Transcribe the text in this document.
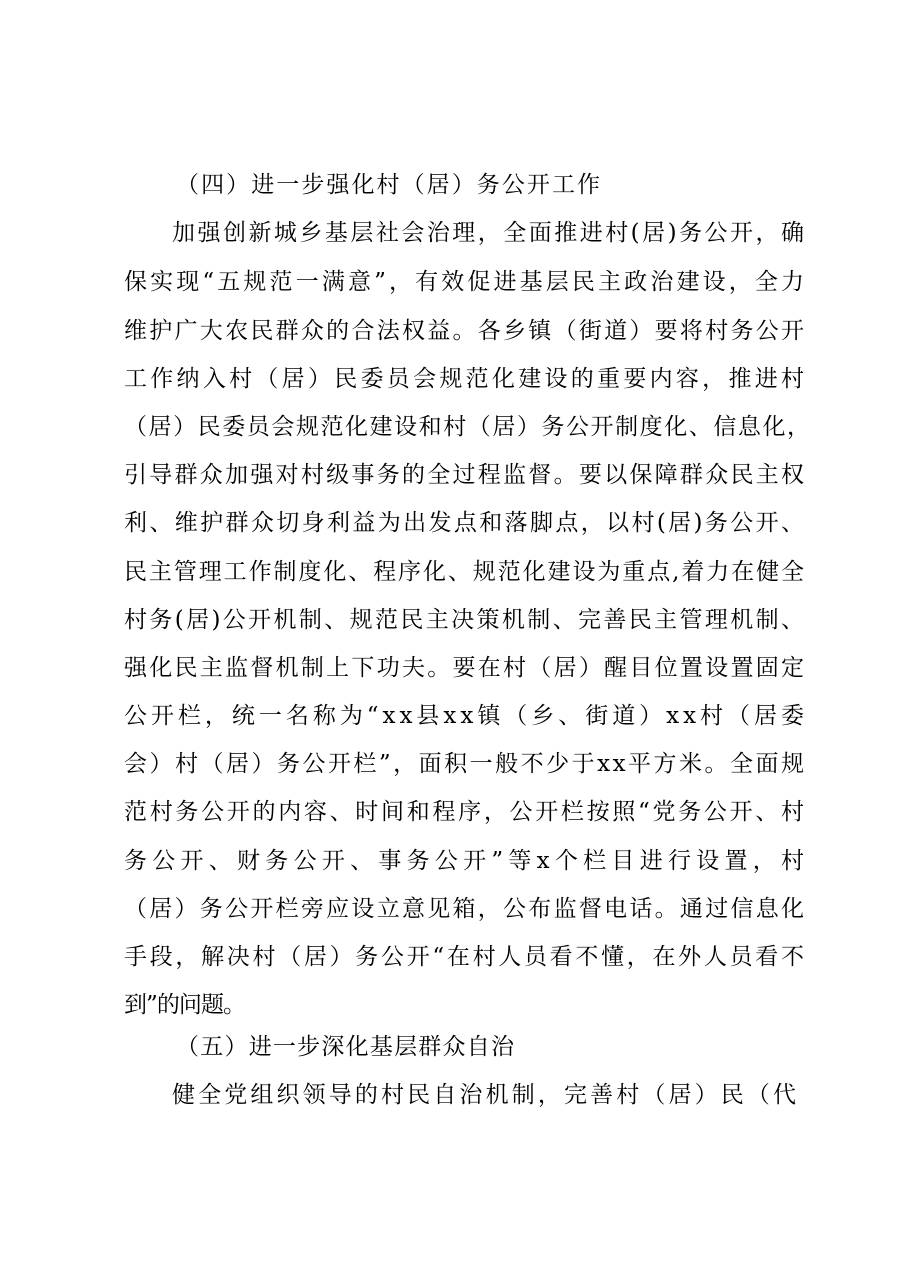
（四）进一步强化村（居）务公开工作
加强创新城乡基层社会治理，全面推进村(居)务公开，确
保实现“五规范一满意”，有效促进基层民主政治建设，全力
维护广大农民群众的合法权益。各乡镇（街道）要将村务公开
工作纳入村（居）民委员会规范化建设的重要内容，推进村
（居）民委员会规范化建设和村（居）务公开制度化、信息化，
引导群众加强对村级事务的全过程监督。要以保障群众民主权
利、维护群众切身利益为出发点和落脚点，以村(居)务公开、
民主管理工作制度化、程序化、规范化建设为重点,着力在健全
村务(居)公开机制、规范民主决策机制、完善民主管理机制、
强化民主监督机制上下功夫。要在村（居）醒目位置设置固定
公开栏，统一名称为“xx县xx镇（乡、街道）xx村（居委
会）村（居）务公开栏”，面积一般不少于xx平方米。全面规
范村务公开的内容、时间和程序，公开栏按照“党务公开、村
务公开、财务公开、事务公开”等x个栏目进行设置，村
（居）务公开栏旁应设立意见箱，公布监督电话。通过信息化
手段，解决村（居）务公开“在村人员看不懂，在外人员看不
到”的问题。
（五）进一步深化基层群众自治
健全党组织领导的村民自治机制，完善村（居）民（代
